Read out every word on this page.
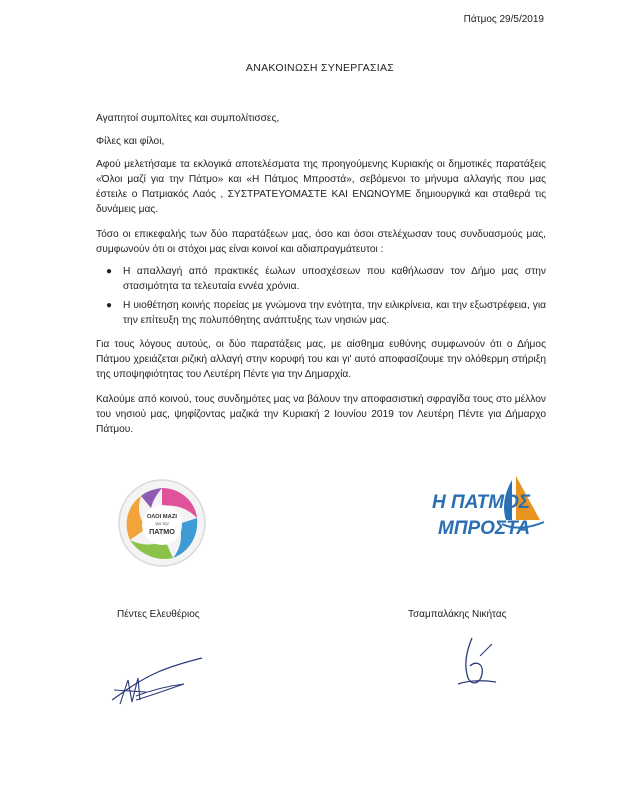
Πάτμος 29/5/2019
ΑΝΑΚΟΙΝΩΣΗ ΣΥΝΕΡΓΑΣΙΑΣ

Αγαπητοί συμπολίτες και συμπολίτισσες,

Φίλες και φίλοι,

Αφού μελετήσαμε τα εκλογικά αποτελέσματα της προηγούμενης Κυριακής οι δημοτικές παρατάξεις «Όλοι μαζί για την Πάτμο» και «Η Πάτμος Μπροστά», σεβόμενοι το μήνυμα αλλαγής που μας έστειλε ο Πατμιακός Λαός , ΣΥΣΤΡΑΤΕΥΟΜΑΣΤΕ ΚΑΙ ΕΝΩΝΟΥΜΕ δημιουργικά και σταθερά τις δυνάμεις μας.

Τόσο οι επικεφαλής των δύο παρατάξεων μας, όσο και όσοι στελέχωσαν τους συνδυασμούς μας, συμφωνούν ότι οι στόχοι μας είναι κοινοί και αδιαπραγμάτευτοι :

● Η απαλλαγή από πρακτικές έωλων υποσχέσεων που καθήλωσαν τον Δήμο μας στην στασιμότητα τα τελευταία εννέα χρόνια.
● Η υιοθέτηση κοινής πορείας με γνώμονα την ενότητα, την ειλικρίνεια, και την εξωστρέφεια, για την επίτευξη της πολυπόθητης ανάπτυξης των νησιών μας.

Για τους λόγους αυτούς, οι δύο παρατάξεις μας, με αίσθημα ευθύνης συμφωνούν ότι ο Δήμος Πάτμου χρειάζεται ριζική αλλαγή στην κορυφή του και γι' αυτό αποφασίζουμε την ολόθερμη στήριξη της υποψηφιότητας του Λευτέρη Πέντε για την Δημαρχία.

Καλούμε από κοινού, τους συνδημότες μας να βάλουν την αποφασιστική σφραγίδα τους στο μέλλον του νησιού μας, ψηφίζοντας μαζικά την Κυριακή 2 Ιουνίου 2019 τον Λευτέρη Πέντε για Δήμαρχο Πάτμου.

ΟΛΟΙ ΜΑΖΙ
για την
ΠΑΤΜΟ
Η ΠΑΤΜΟΣ
ΜΠΡΟΣΤΑ
Πέντες Ελευθέριος	Τσαμπαλάκης Νικήτας
